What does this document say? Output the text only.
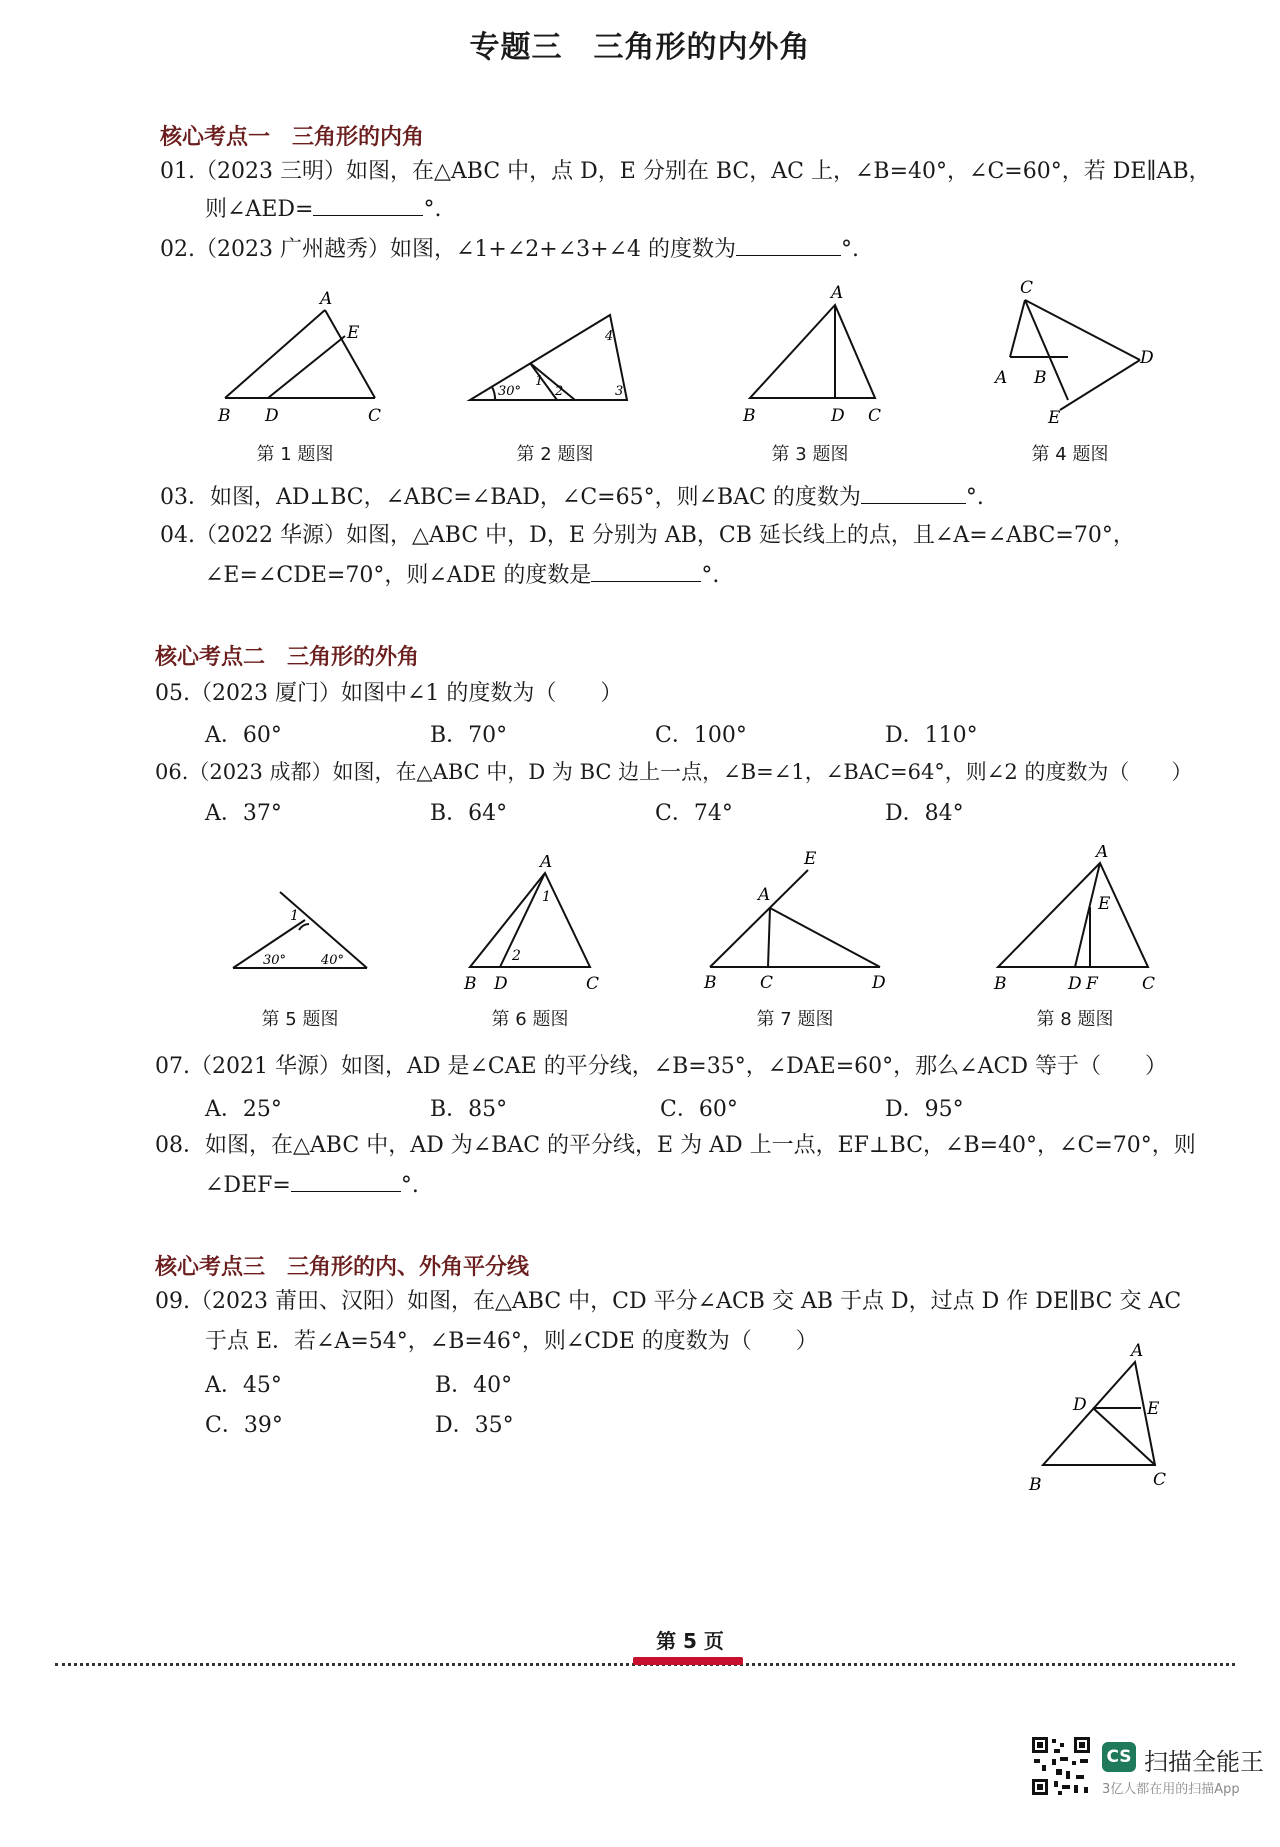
专题三　三角形的内外角
核心考点一　三角形的内角
01.（2023 三明）如图，在△ABC 中，点 D，E 分别在 BC，AC 上，∠B=40°，∠C=60°，若 DE∥AB，
则∠AED=	°.
02.（2023 广州越秀）如图，∠1+∠2+∠3+∠4 的度数为	°.
A
E
B D	C
30°
1
2	3
4
A
B	D C
C
A B
D
E
第 1 题图	第 2 题图	第 3 题图	第 4 题图
03．如图，AD⊥BC，∠ABC=∠BAD，∠C=65°，则∠BAC 的度数为	°.
04.（2022 华源）如图，△ABC 中，D，E 分别为 AB，CB 延长线上的点，且∠A=∠ABC=70°，
∠E=∠CDE=70°，则∠ADE 的度数是	°.
核心考点二　三角形的外角
05.（2023 厦门）如图中∠1 的度数为（　　）
A．60°	B．70°	C．100°	D．110°
06.（2023 成都）如图，在△ABC 中，D 为 BC 边上一点，∠B=∠1，∠BAC=64°，则∠2 的度数为（　　）
A．37°	B．64°	C．74°	D．84°
1
30°	40°
A
1
2
B D	C
E
A
B	C	D
A
E
B	D F	C
第 5 题图	第 6 题图	第 7 题图	第 8 题图
07.（2021 华源）如图，AD 是∠CAE 的平分线，∠B=35°，∠DAE=60°，那么∠ACD 等于（　　）
A．25°	B．85°	C．60°	D．95°
08．如图，在△ABC 中，AD 为∠BAC 的平分线，E 为 AD 上一点，EF⊥BC，∠B=40°，∠C=70°，则
∠DEF=	°.
核心考点三　三角形的内、外角平分线
09.（2023 莆田、汉阳）如图，在△ABC 中，CD 平分∠ACB 交 AB 于点 D，过点 D 作 DE∥BC 交 AC
于点 E．若∠A=54°，∠B=46°，则∠CDE 的度数为（　　）
A．45°	B．40°
C．39°	D．35°
A
D	E
B	C
第 5 页
CS 扫描全能王
3亿人都在用的扫描App
